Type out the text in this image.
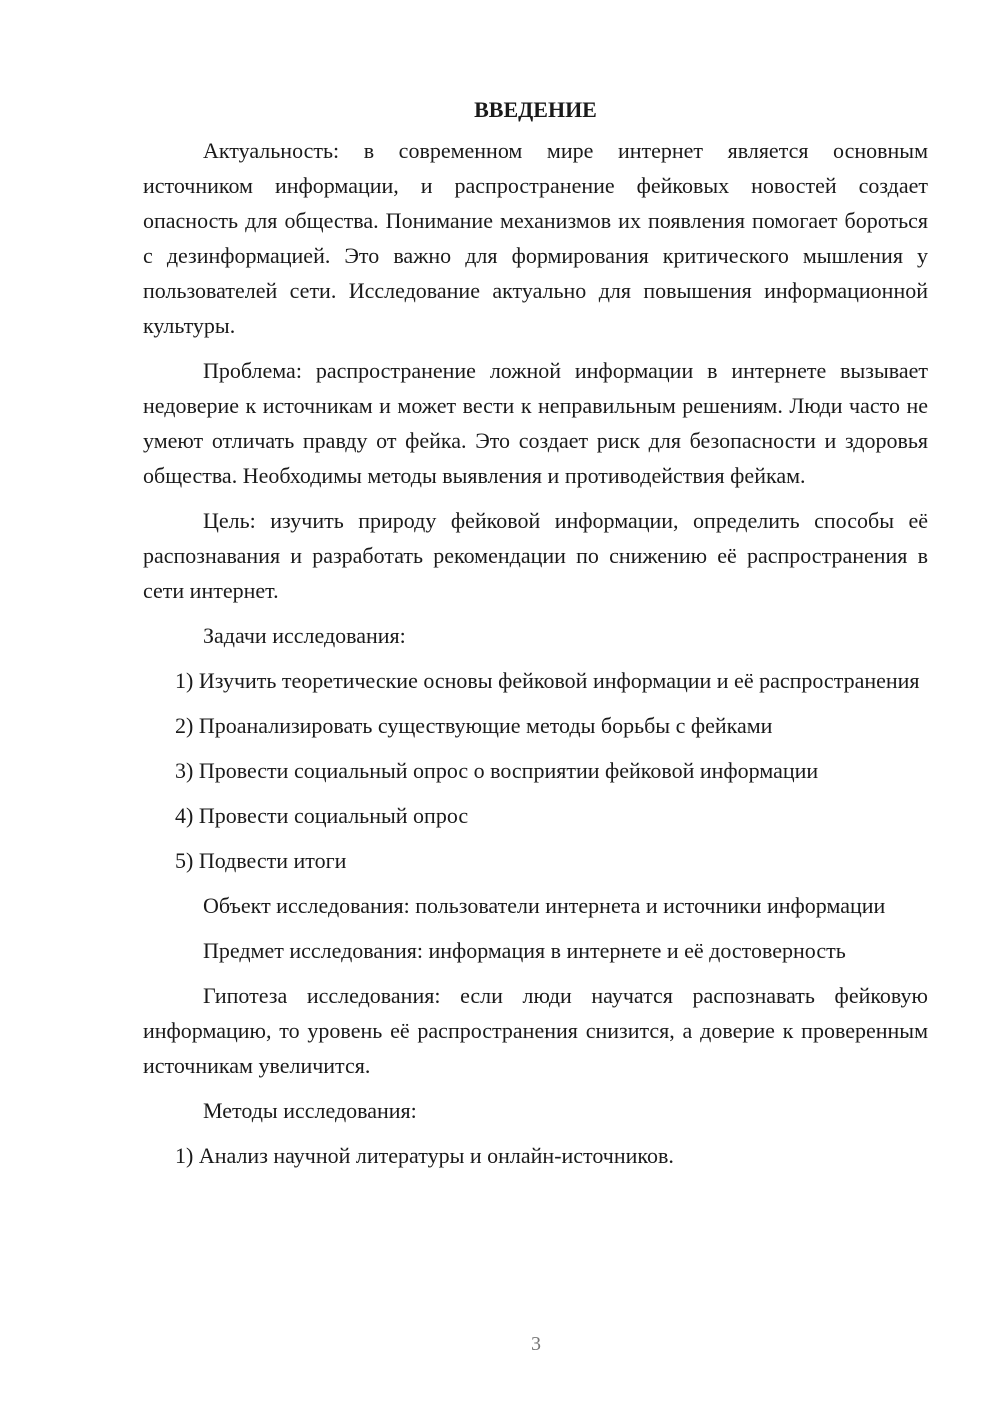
ВВЕДЕНИЕ

Актуальность: в современном мире интернет является основным источником информации, и распространение фейковых новостей создает опасность для общества. Понимание механизмов их появления помогает бороться с дезинформацией. Это важно для формирования критического мышления у пользователей сети. Исследование актуально для повышения информационной культуры.

Проблема: распространение ложной информации в интернете вызывает недоверие к источникам и может вести к неправильным решениям. Люди часто не умеют отличать правду от фейка. Это создает риск для безопасности и здоровья общества. Необходимы методы выявления и противодействия фейкам.

Цель: изучить природу фейковой информации, определить способы её распознавания и разработать рекомендации по снижению её распространения в сети интернет.

Задачи исследования:

1) Изучить теоретические основы фейковой информации и её распространения

2) Проанализировать существующие методы борьбы с фейками

3) Провести социальный опрос о восприятии фейковой информации

4) Провести социальный опрос

5) Подвести итоги

Объект исследования: пользователи интернета и источники информации

Предмет исследования: информация в интернете и её достоверность

Гипотеза исследования: если люди научатся распознавать фейковую информацию, то уровень её распространения снизится, а доверие к проверенным источникам увеличится.

Методы исследования:

1) Анализ научной литературы и онлайн-источников.

3
